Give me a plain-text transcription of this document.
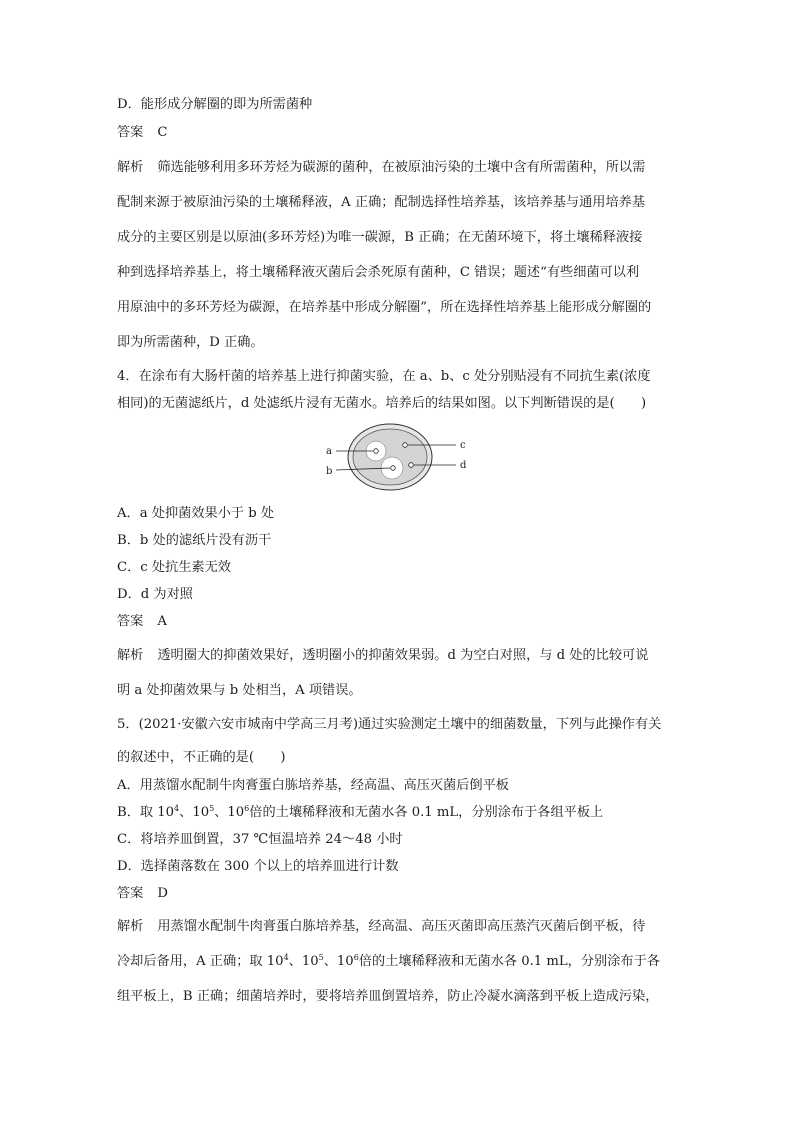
D．能形成分解圈的即为所需菌种
答案 C
解析 筛选能够利用多环芳烃为碳源的菌种，在被原油污染的土壤中含有所需菌种，所以需
配制来源于被原油污染的土壤稀释液，A 正确；配制选择性培养基，该培养基与通用培养基
成分的主要区别是以原油(多环芳烃)为唯一碳源，B 正确；在无菌环境下，将土壤稀释液接
种到选择培养基上，将土壤稀释液灭菌后会杀死原有菌种，C 错误；题述“有些细菌可以利
用原油中的多环芳烃为碳源，在培养基中形成分解圈”，所在选择性培养基上能形成分解圈的
即为所需菌种，D 正确。
4．在涂布有大肠杆菌的培养基上进行抑菌实验，在 a、b、c 处分别贴浸有不同抗生素(浓度
相同)的无菌滤纸片，d 处滤纸片浸有无菌水。培养后的结果如图。以下判断错误的是(　　)
a
b
c
d
A．a 处抑菌效果小于 b 处
B．b 处的滤纸片没有沥干
C．c 处抗生素无效
D．d 为对照
答案 A
解析 透明圈大的抑菌效果好，透明圈小的抑菌效果弱。d 为空白对照，与 d 处的比较可说
明 a 处抑菌效果与 b 处相当，A 项错误。
5．(2021·安徽六安市城南中学高三月考)通过实验测定土壤中的细菌数量，下列与此操作有关
的叙述中，不正确的是(　　)
A．用蒸馏水配制牛肉膏蛋白胨培养基，经高温、高压灭菌后倒平板
B．取 $10^4$、$10^5$、$10^6$倍的土壤稀释液和无菌水各 0.1 mL，分别涂布于各组平板上
C．将培养皿倒置，37 ℃恒温培养 24～48 小时
D．选择菌落数在 300 个以上的培养皿进行计数
答案 D
解析 用蒸馏水配制牛肉膏蛋白胨培养基，经高温、高压灭菌即高压蒸汽灭菌后倒平板，待
冷却后备用，A 正确；取 $10^4$、$10^5$、$10^6$倍的土壤稀释液和无菌水各 0.1 mL，分别涂布于各
组平板上，B 正确；细菌培养时，要将培养皿倒置培养，防止冷凝水滴落到平板上造成污染，
